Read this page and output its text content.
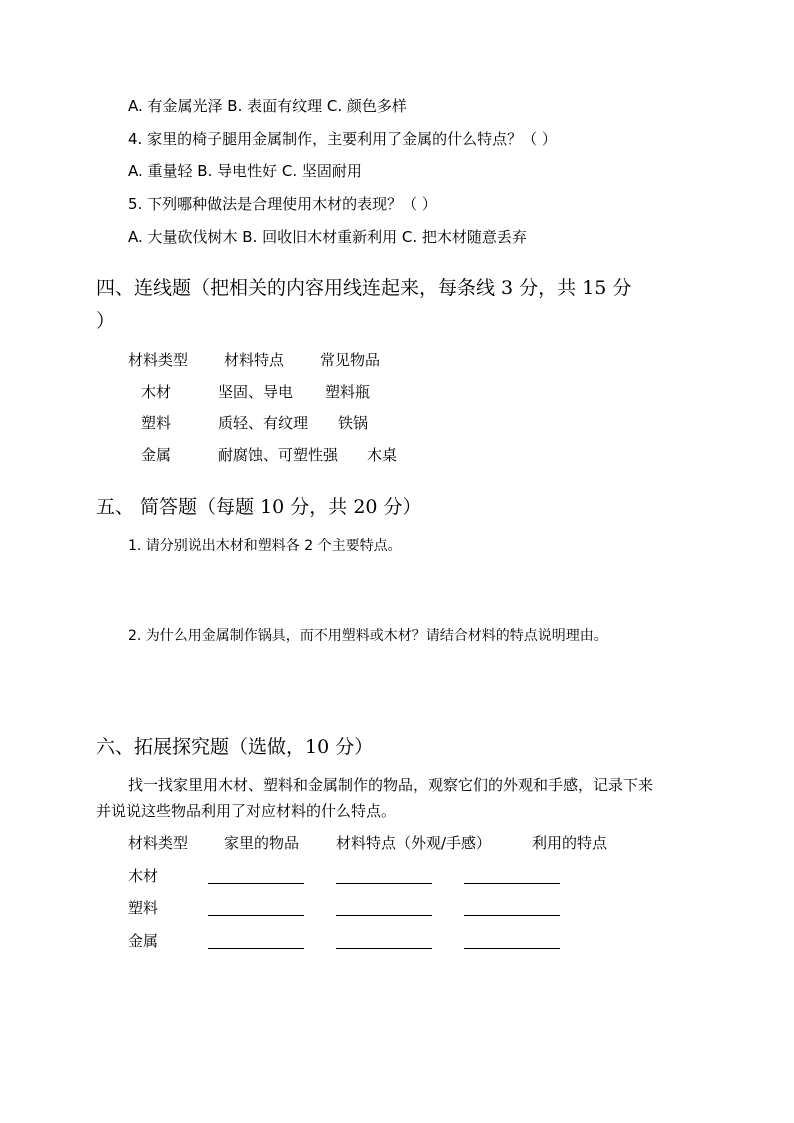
A. 有金属光泽 B. 表面有纹理 C. 颜色多样
4. 家里的椅子腿用金属制作，主要利用了金属的什么特点？（ ）
A. 重量轻 B. 导电性好 C. 坚固耐用
5. 下列哪种做法是合理使用木材的表现？（ ）
A. 大量砍伐树木 B. 回收旧木材重新利用 C. 把木材随意丢弃
四、连线题（把相关的内容用线连起来，每条线 3 分，共 15 分
）
材料类型 材料特点 常见物品
木材	坚固、导电 塑料瓶
塑料	质轻、有纹理 铁锅
金属	耐腐蚀、可塑性强 木桌
五、 简答题（每题 10 分，共 20 分）
1. 请分别说出木材和塑料各 2 个主要特点。
2. 为什么用金属制作锅具，而不用塑料或木材？请结合材料的特点说明理由。
六、拓展探究题（选做，10 分）
找一找家里用木材、塑料和金属制作的物品，观察它们的外观和手感，记录下来
并说说这些物品利用了对应材料的什么特点。
材料类型 家里的物品 材料特点（外观/手感）	利用的特点
木材
塑料
金属
